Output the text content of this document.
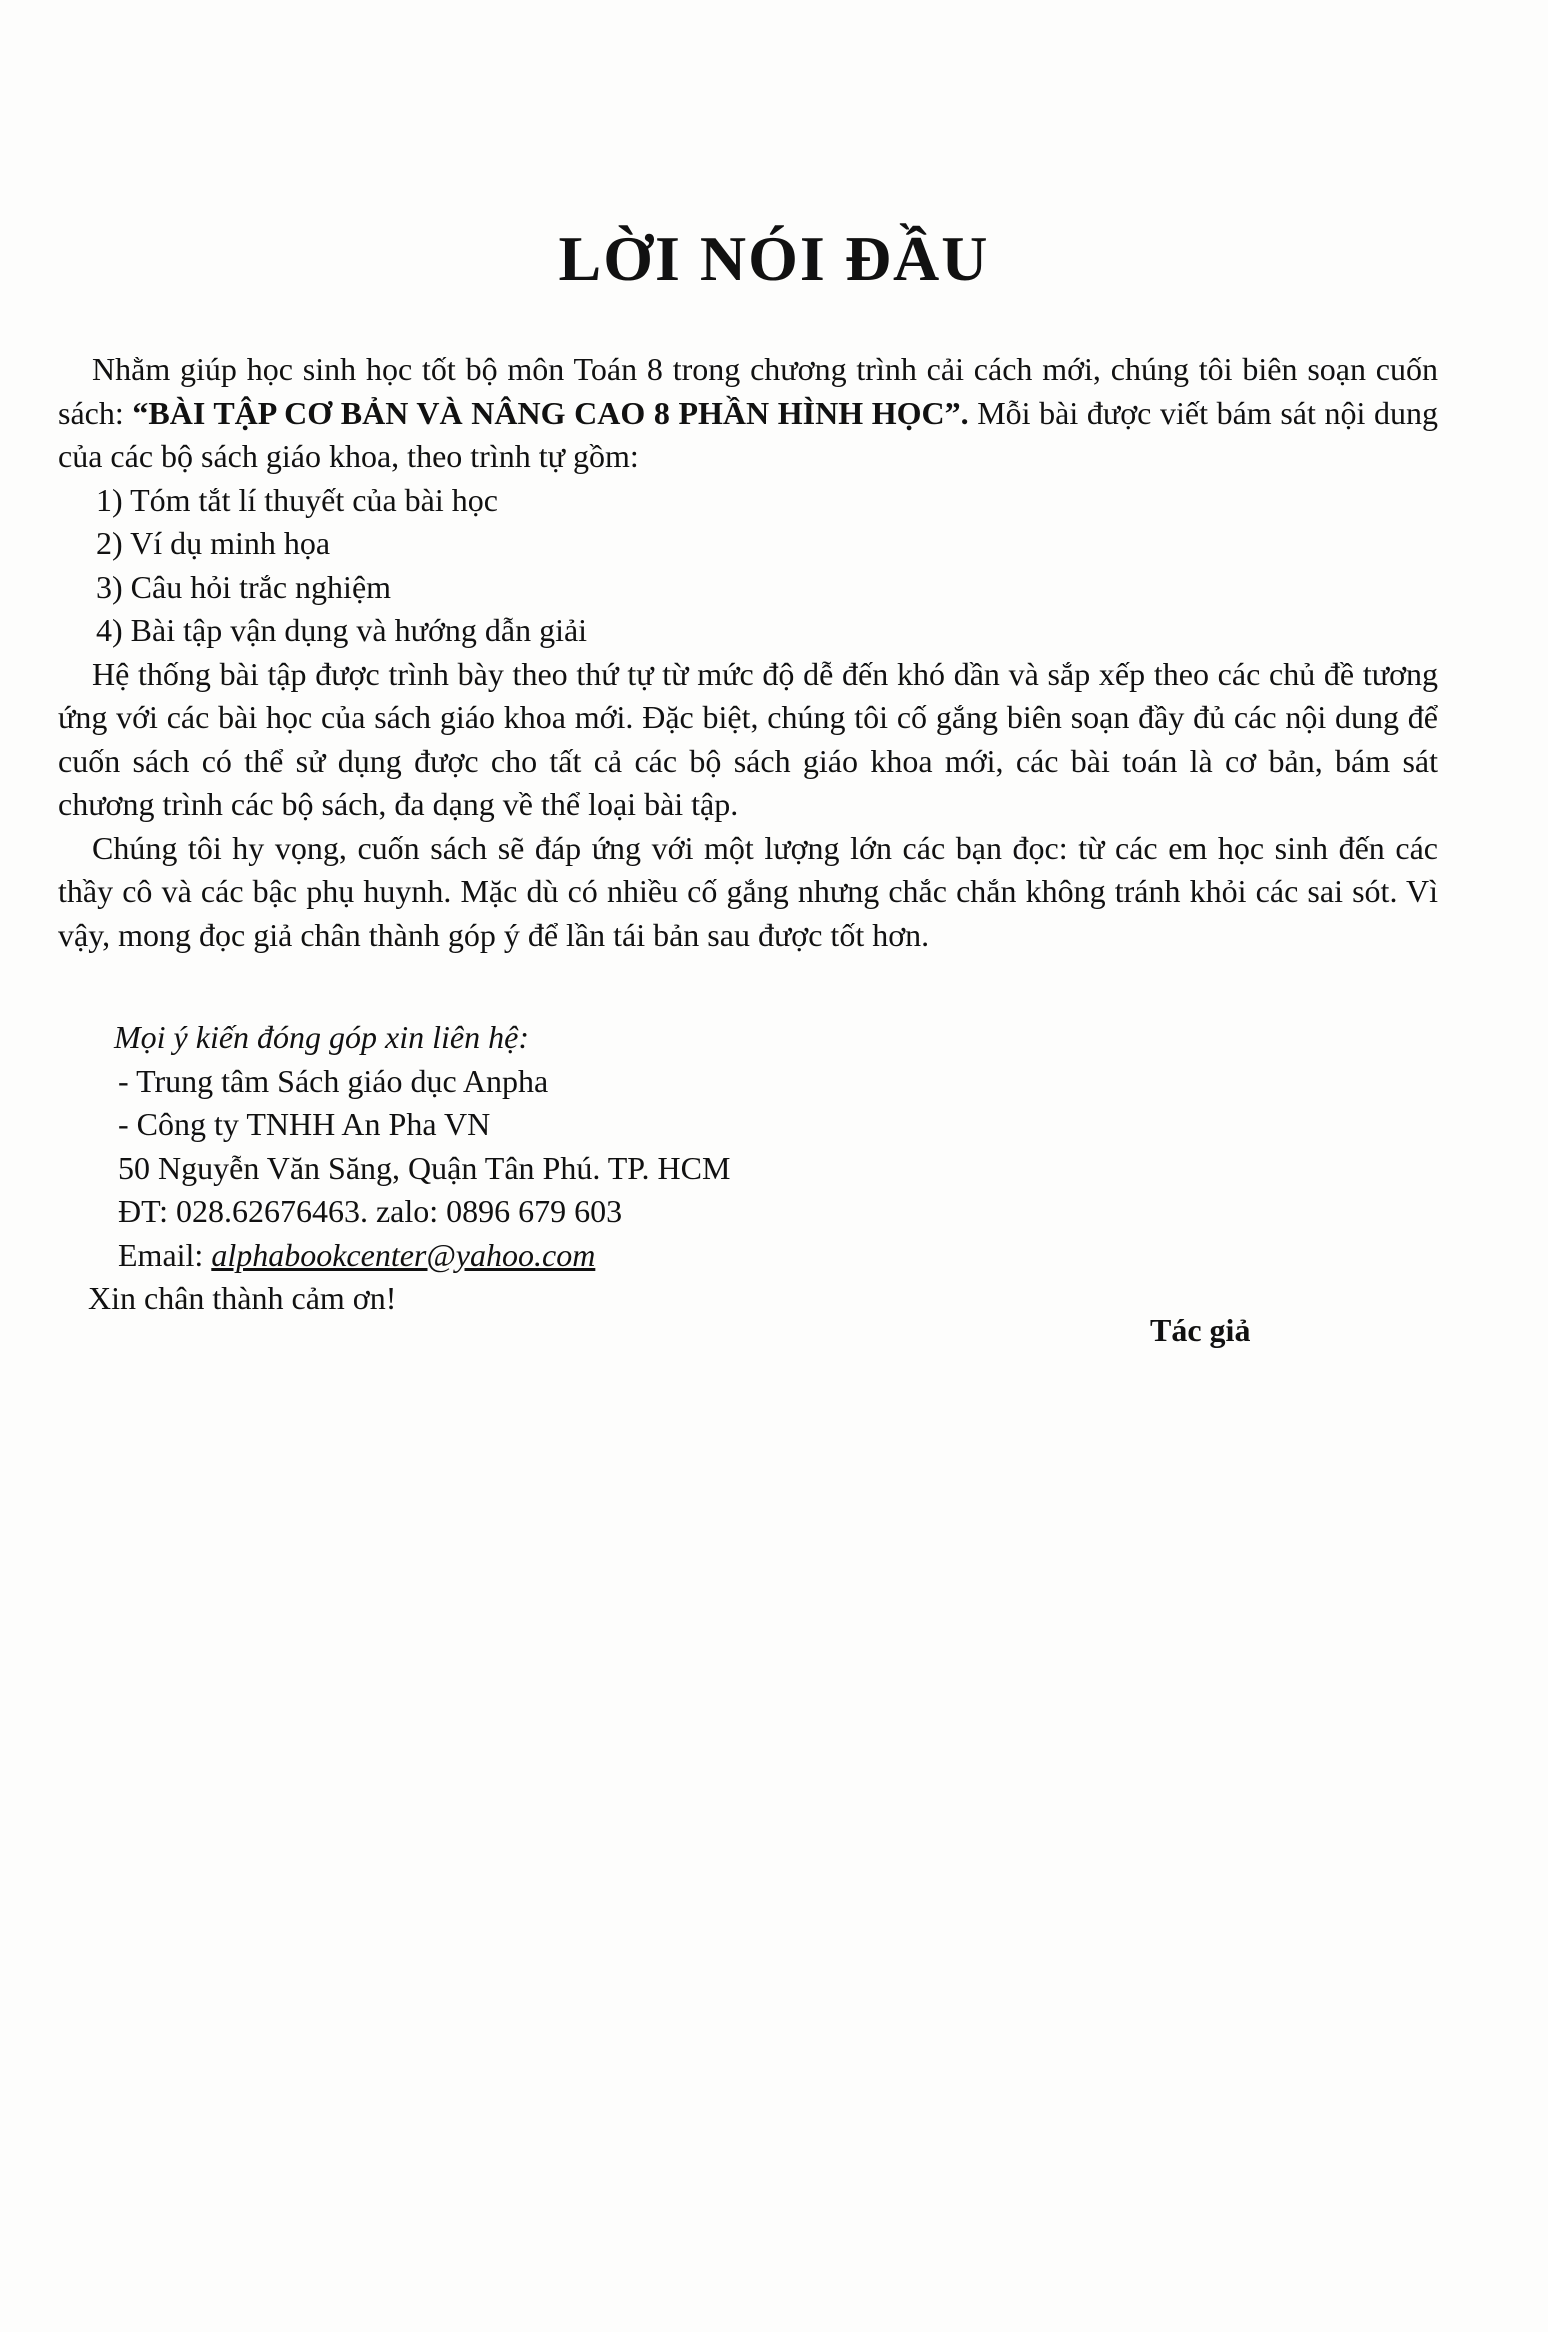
LỜI NÓI ĐẦU

Nhằm giúp học sinh học tốt bộ môn Toán 8 trong chương trình cải cách mới, chúng tôi biên soạn cuốn sách: “BÀI TẬP CƠ BẢN VÀ NÂNG CAO 8 PHẦN HÌNH HỌC”. Mỗi bài được viết bám sát nội dung của các bộ sách giáo khoa, theo trình tự gồm:

1) Tóm tắt lí thuyết của bài học
2) Ví dụ minh họa
3) Câu hỏi trắc nghiệm
4) Bài tập vận dụng và hướng dẫn giải

Hệ thống bài tập được trình bày theo thứ tự từ mức độ dễ đến khó dần và sắp xếp theo các chủ đề tương ứng với các bài học của sách giáo khoa mới. Đặc biệt, chúng tôi cố gắng biên soạn đầy đủ các nội dung để cuốn sách có thể sử dụng được cho tất cả các bộ sách giáo khoa mới, các bài toán là cơ bản, bám sát chương trình các bộ sách, đa dạng về thể loại bài tập.

Chúng tôi hy vọng, cuốn sách sẽ đáp ứng với một lượng lớn các bạn đọc: từ các em học sinh đến các thầy cô và các bậc phụ huynh. Mặc dù có nhiều cố gắng nhưng chắc chắn không tránh khỏi các sai sót. Vì vậy, mong đọc giả chân thành góp ý để lần tái bản sau được tốt hơn.

Mọi ý kiến đóng góp xin liên hệ:
- Trung tâm Sách giáo dục Anpha
- Công ty TNHH An Pha VN
50 Nguyễn Văn Săng, Quận Tân Phú. TP. HCM
ĐT: 028.62676463. zalo: 0896 679 603
Email: alphabookcenter@yahoo.com
Xin chân thành cảm ơn!
Tác giả
